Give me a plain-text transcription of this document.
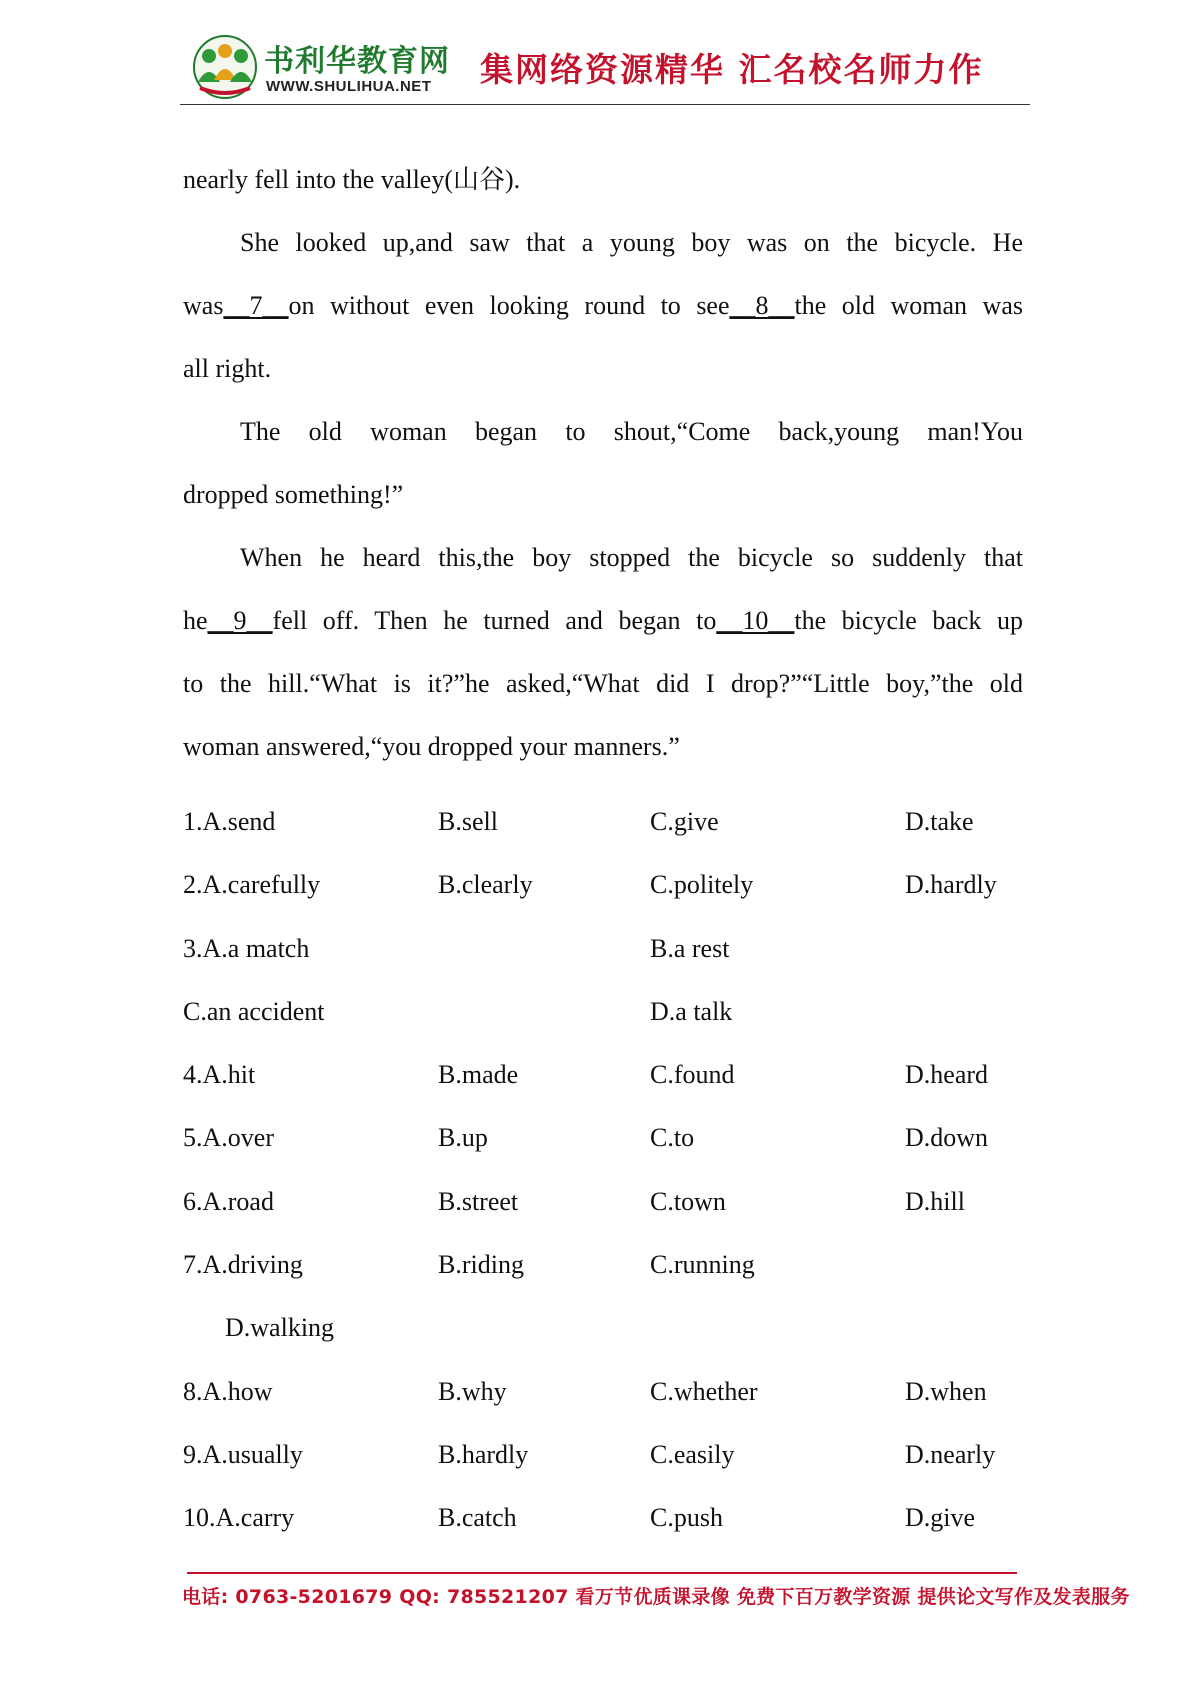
书利华教育网
WWW.SHULIHUA.NET 集网络资源精华 汇名校名师力作
nearly fell into the valley(山谷).
She looked up,and saw that a young boy was on the bicycle. He
was__7__on without even looking round to see__8__the old woman was
all right.
The old woman began to shout,“Come back,young man!You
dropped something!”
When he heard this,the boy stopped the bicycle so suddenly that
he__9__fell off. Then he turned and began to__10__the bicycle back up
to the hill.“What is it?”he asked,“What did I drop?”“Little boy,”the old
woman answered,“you dropped your manners.”
1.A.send	B.sell	C.give	D.take
2.A.carefully	B.clearly	C.politely	D.hardly
3.A.a match	B.a rest
C.an accident	D.a talk
4.A.hit	B.made	C.found	D.heard
5.A.over	B.up	C.to	D.down
6.A.road	B.street	C.town	D.hill
7.A.driving	B.riding	C.running
D.walking
8.A.how	B.why	C.whether	D.when
9.A.usually	B.hardly	C.easily	D.nearly
10.A.carry	B.catch	C.push	D.give
电话: 0763-5201679 QQ: 785521207 看万节优质课录像 免费下百万教学资源 提供论文写作及发表服务
